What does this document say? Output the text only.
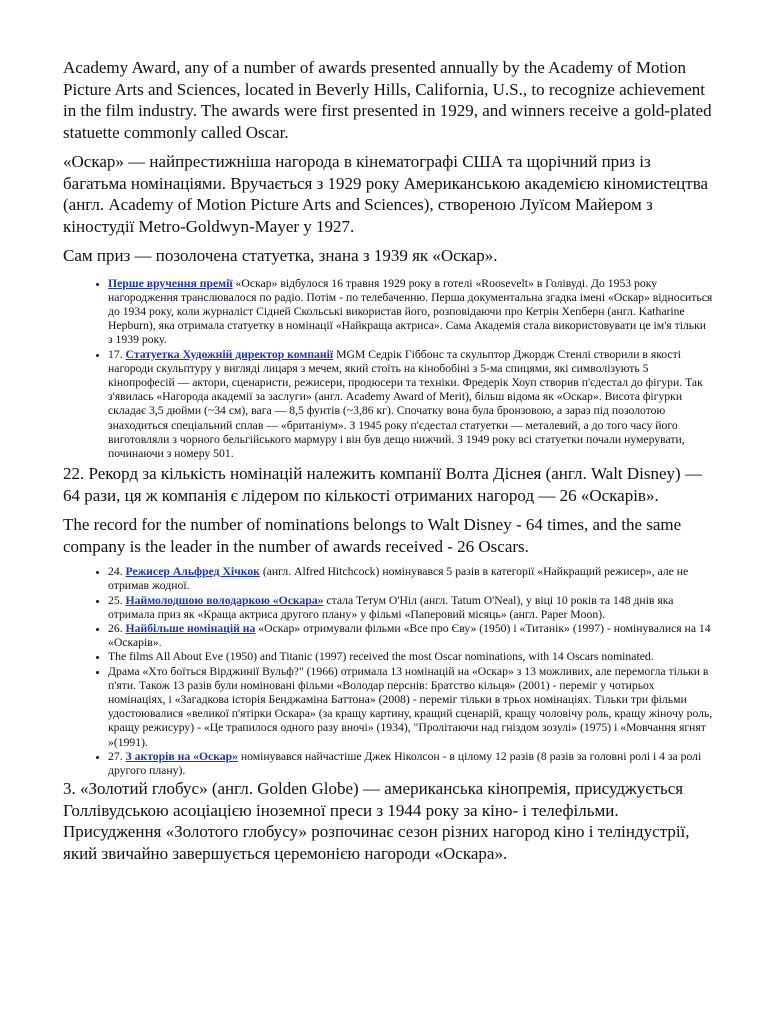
Academy Award, any of a number of awards presented annually by the Academy of Motion Picture Arts and Sciences, located in Beverly Hills, California, U.S., to recognize achievement in the film industry. The awards were first presented in 1929, and winners receive a gold-plated statuette commonly called Oscar.

«Оскар» — найпрестижніша нагорода в кінематографі США та щорічний приз із багатьма номінаціями. Вручається з 1929 року Американською академією кіномистецтва (англ. Academy of Motion Picture Arts and Sciences), створеною Луїсом Майером з кіностудії Metro-Goldwyn-Mayer у 1927.

Сам приз — позолочена статуетка, знана з 1939 як «Оскар».

• Перше вручення премії «Оскар» відбулося 16 травня 1929 року в готелі «Roosevelt» в Голівуді. До 1953 року нагородження транслювалося по радіо. Потім - по телебаченню. Перша документальна згадка імені «Оскар» відноситься до 1934 року, коли журналіст Сідней Скольські використав його, розповідаючи про Кетрін Хепберн (англ. Katharine Hepburn), яка отримала статуетку в номінації «Найкраща актриса». Сама Академія стала використовувати це ім'я тільки з 1939 року.
• 17. Статуетка Художній директор компанії MGM Седрік Гіббонс та скульптор Джордж Стенлі створили в якості нагороди скульптуру у вигляді лицаря з мечем, який стоїть на кінобобіні з 5-ма спицями, які символізують 5 кінопрофесій — актори, сценаристи, режисери, продюсери та техніки. Фредерік Хоуп створив п'єдестал до фігури. Так з'явилась «Нагорода академії за заслуги» (англ. Academy Award of Merit), більш відома як «Оскар». Висота фігурки складає 3,5 дюйми (~34 см), вага — 8,5 фунтів (~3,86 кг). Спочатку вона була бронзовою, а зараз під позолотою знаходиться спеціальний сплав — «британіум». З 1945 року п'єдестал статуетки — металевий, а до того часу його виготовляли з чорного бельгійського мармуру і він був дещо нижчий. З 1949 року всі статуетки почали нумерувати, починаючи з номеру 501.

22. Рекорд за кількість номінацій належить компанії Волта Діснея (англ. Walt Disney) — 64 рази, ця ж компанія є лідером по кількості отриманих нагород — 26 «Оскарів».

The record for the number of nominations belongs to Walt Disney - 64 times, and the same company is the leader in the number of awards received - 26 Oscars.

• 24. Режисер Альфред Хічкок (англ. Alfred Hitchcock) номінувався 5 разів в категорії «Найкращий режисер», але не отримав жодної.
• 25. Наймолодшою володаркою «Оскара» стала Тетум О'Ніл (англ. Tatum O'Neal), у віці 10 років та 148 днів яка отримала приз як «Краща актриса другого плану» у фільмі «Паперовий місяць» (англ. Paper Moon).
• 26. Найбільше номінацій на «Оскар» отримували фільми «Все про Єву» (1950) і «Титанік» (1997) - номінувалися на 14 «Оскарів».
• The films All About Eve (1950) and Titanic (1997) received the most Oscar nominations, with 14 Oscars nominated.
• Драма «Хто боїться Вірджинії Вульф?" (1966) отримала 13 номінацій на «Оскар» з 13 можливих, але перемогла тільки в п'яти. Також 13 разів були номіновані фільми «Володар перснів: Братство кільця» (2001) - переміг у чотирьох номінаціях, і «Загадкова історія Бенджаміна Баттона» (2008) - переміг тільки в трьох номінаціях. Тільки три фільми удостоювалися «великої п'ятірки Оскара» (за кращу картину, кращий сценарій, кращу чоловічу роль, кращу жіночу роль, кращу режисуру) - «Це трапилося одного разу вночі» (1934), "Пролітаючи над гніздом зозулі» (1975) і «Мовчання ягнят »(1991).
• 27. З акторів на «Оскар» номінувався найчастіше Джек Ніколсон - в цілому 12 разів (8 разів за головні ролі і 4 за ролі другого плану).

3. «Золотий глобус» (англ. Golden Globe) — американська кінопремія, присуджується Голлівудською асоціацією іноземної преси з 1944 року за кіно- і телефільми. Присудження «Золотого глобусу» розпочинає сезон різних нагород кіно і теліндустрії, який звичайно завершується церемонією нагороди «Оскара».
